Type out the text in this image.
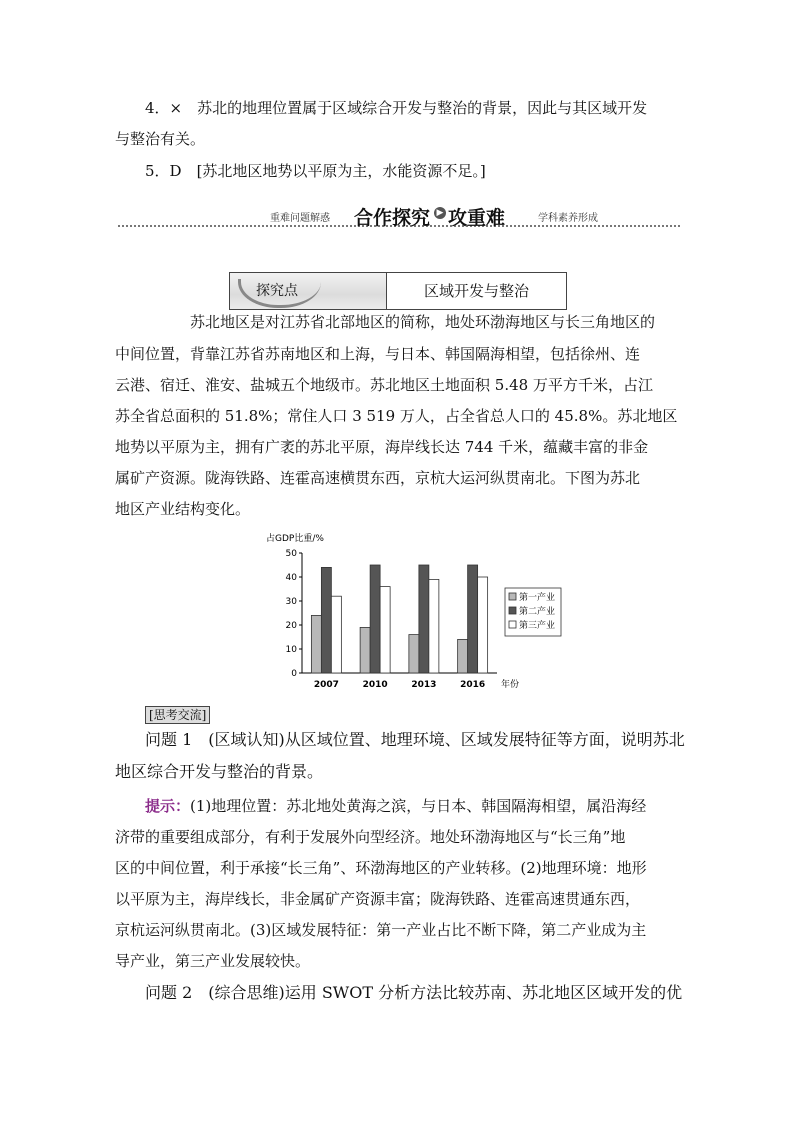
4．×　苏北的地理位置属于区域综合开发与整治的背景，因此与其区域开发
与整治有关。
5．D　[苏北地区地势以平原为主，水能资源不足。]
重难问题解惑 合作探究 ▶ 攻重难	学科素养形成
探究点	区域开发与整治
苏北地区是对江苏省北部地区的简称，地处环渤海地区与长三角地区的
中间位置，背靠江苏省苏南地区和上海，与日本、韩国隔海相望，包括徐州、连
云港、宿迁、淮安、盐城五个地级市。苏北地区土地面积 5.48 万平方千米，占江
苏全省总面积的 51.8%；常住人口 3 519 万人，占全省总人口的 45.8%。苏北地区
地势以平原为主，拥有广袤的苏北平原，海岸线长达 744 千米，蕴藏丰富的非金
属矿产资源。陇海铁路、连霍高速横贯东西，京杭大运河纵贯南北。下图为苏北
地区产业结构变化。
占GDP比重/%
0
10
20
30
40
50
2007	2010	2013	2016 年份
第一产业
第二产业
第三产业
[思考交流]
问题 1　(区域认知)从区域位置、地理环境、区域发展特征等方面，说明苏北
地区综合开发与整治的背景。
提示：(1)地理位置：苏北地处黄海之滨，与日本、韩国隔海相望，属沿海经
济带的重要组成部分，有利于发展外向型经济。地处环渤海地区与“长三角”地
区的中间位置，利于承接“长三角”、环渤海地区的产业转移。(2)地理环境：地形
以平原为主，海岸线长，非金属矿产资源丰富；陇海铁路、连霍高速贯通东西，
京杭运河纵贯南北。(3)区域发展特征：第一产业占比不断下降，第二产业成为主
导产业，第三产业发展较快。
问题 2　(综合思维)运用 SWOT 分析方法比较苏南、苏北地区区域开发的优
